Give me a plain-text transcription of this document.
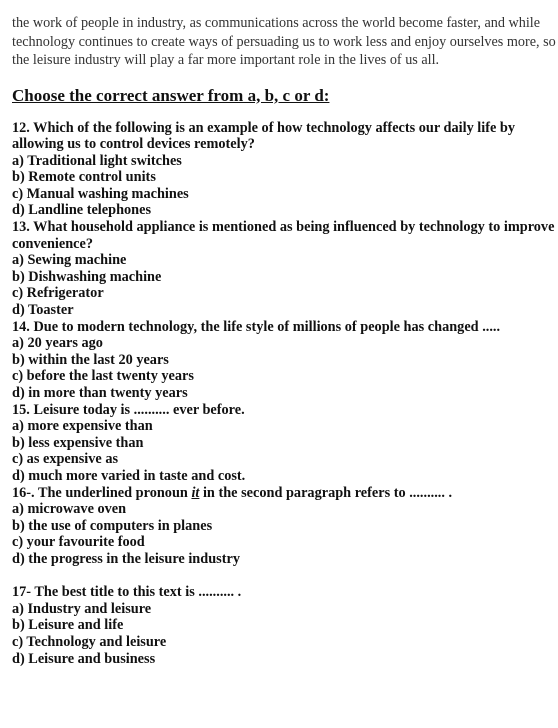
the work of people in industry, as communications across the world become faster, and while
technology continues to create ways of persuading us to work less and enjoy ourselves more, so
the leisure industry will play a far more important role in the lives of us all.
Choose the correct answer from a, b, c or d:
12. Which of the following is an example of how technology affects our daily life by
allowing us to control devices remotely?
a) Traditional light switches
b) Remote control units
c) Manual washing machines
d) Landline telephones
13. What household appliance is mentioned as being influenced by technology to improve
convenience?
a) Sewing machine
b) Dishwashing machine
c) Refrigerator
d) Toaster
14. Due to modern technology, the life style of millions of people has changed .....
a) 20 years ago
b) within the last 20 years
c) before the last twenty years
d) in more than twenty years
15. Leisure today is .......... ever before.
a) more expensive than
b) less expensive than
c) as expensive as
d) much more varied in taste and cost.
16-. The underlined pronoun it in the second paragraph refers to .......... .
a) microwave oven
b) the use of computers in planes
c) your favourite food
d) the progress in the leisure industry
17- The best title to this text is .......... .
a) Industry and leisure
b) Leisure and life
c) Technology and leisure
d) Leisure and business
